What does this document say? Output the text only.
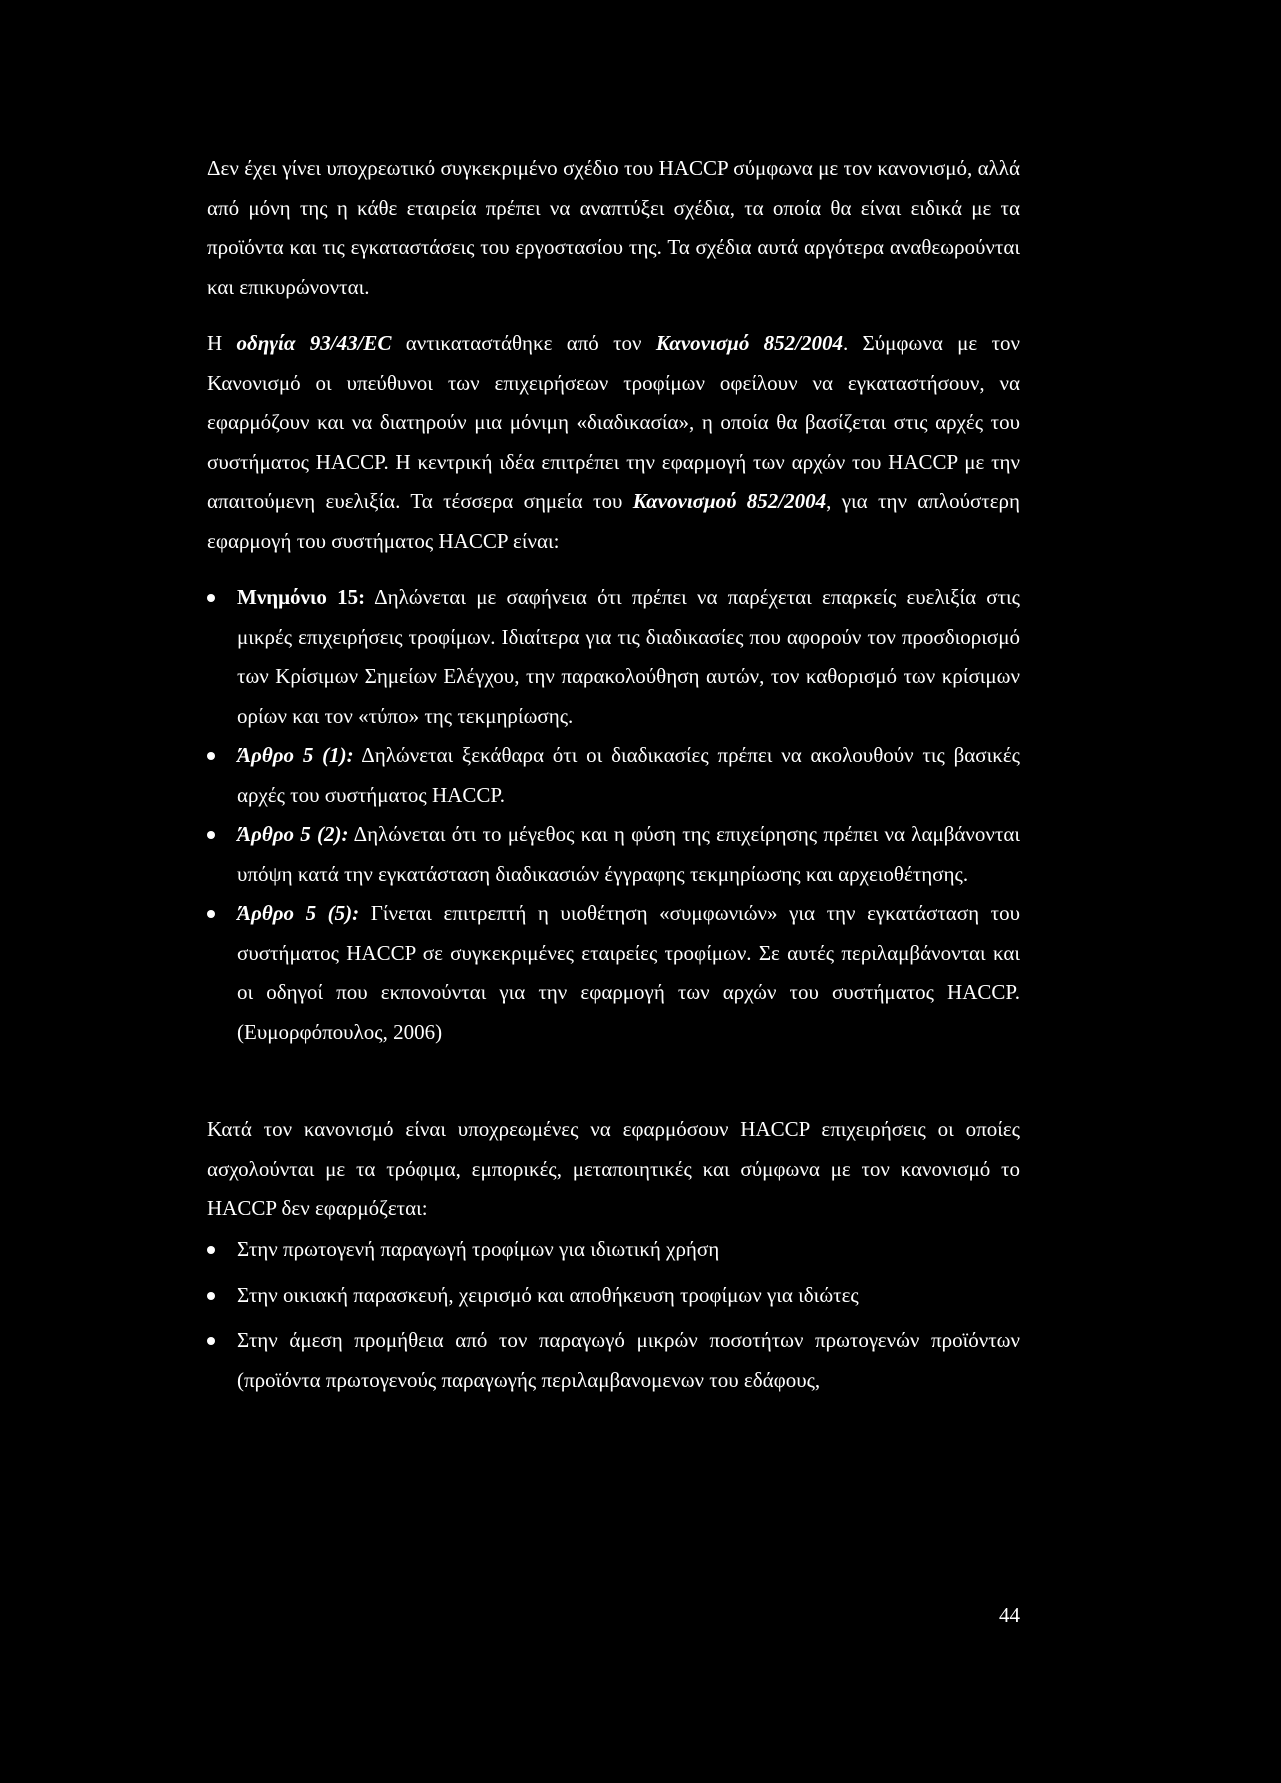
Δεν έχει γίνει υποχρεωτικό συγκεκριμένο σχέδιο του HACCP σύμφωνα με τον κανονισμό, αλλά από μόνη της η κάθε εταιρεία πρέπει να αναπτύξει σχέδια, τα οποία θα είναι ειδικά με τα προϊόντα και τις εγκαταστάσεις του εργοστασίου της. Τα σχέδια αυτά αργότερα αναθεωρούνται και επικυρώνονται.

Η οδηγία 93/43/ΕC αντικαταστάθηκε από τον Κανονισμό 852/2004. Σύμφωνα με τον Κανονισμό οι υπεύθυνοι των επιχειρήσεων τροφίμων οφείλουν να εγκαταστήσουν, να εφαρμόζουν και να διατηρούν μια μόνιμη «διαδικασία», η οποία θα βασίζεται στις αρχές του συστήματος HACCP. Η κεντρική ιδέα επιτρέπει την εφαρμογή των αρχών του HACCP με την απαιτούμενη ευελιξία. Τα τέσσερα σημεία του Κανονισμού 852/2004, για την απλούστερη εφαρμογή του συστήματος HACCP είναι:

Μνημόνιο 15: Δηλώνεται με σαφήνεια ότι πρέπει να παρέχεται επαρκείς ευελιξία στις μικρές επιχειρήσεις τροφίμων. Ιδιαίτερα για τις διαδικασίες που αφορούν τον προσδιορισμό των Κρίσιμων Σημείων Ελέγχου, την παρακολούθηση αυτών, τον καθορισμό των κρίσιμων ορίων και τον «τύπο» της τεκμηρίωσης.
Άρθρο 5 (1): Δηλώνεται ξεκάθαρα ότι οι διαδικασίες πρέπει να ακολουθούν τις βασικές αρχές του συστήματος HACCP.
Άρθρο 5 (2): Δηλώνεται ότι το μέγεθος και η φύση της επιχείρησης πρέπει να λαμβάνονται υπόψη κατά την εγκατάσταση διαδικασιών έγγραφης τεκμηρίωσης και αρχειοθέτησης.
Άρθρο 5 (5): Γίνεται επιτρεπτή η υιοθέτηση «συμφωνιών» για την εγκατάσταση του συστήματος HACCP σε συγκεκριμένες εταιρείες τροφίμων. Σε αυτές περιλαμβάνονται και οι οδηγοί που εκπονούνται για την εφαρμογή των αρχών του συστήματος HACCP. (Ευμορφόπουλος, 2006)

Κατά τον κανονισμό είναι υποχρεωμένες να εφαρμόσουν HACCP επιχειρήσεις οι οποίες ασχολούνται με τα τρόφιμα, εμπορικές, μεταποιητικές και σύμφωνα με τον κανονισμό το HACCP δεν εφαρμόζεται:

Στην πρωτογενή παραγωγή τροφίμων για ιδιωτική χρήση
Στην οικιακή παρασκευή, χειρισμό και αποθήκευση τροφίμων για ιδιώτες
Στην άμεση προμήθεια από τον παραγωγό μικρών ποσοτήτων πρωτογενών προϊόντων (προϊόντα πρωτογενούς παραγωγής περιλαμβανομενων του εδάφους,
44
